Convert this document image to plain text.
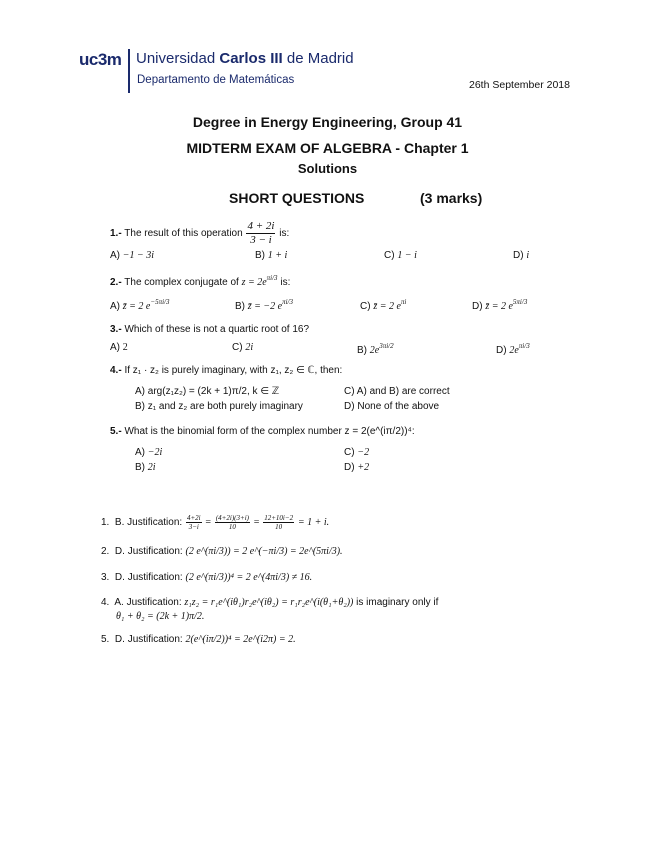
uc3m Universidad Carlos III de Madrid
Departamento de Matemáticas	26th September 2018
Degree in Energy Engineering, Group 41
MIDTERM EXAM OF ALGEBRA - Chapter 1
Solutions
SHORT QUESTIONS	(3 marks)
1.- The result of this operation $\frac{4 + 2i}{3 - i}$ is:
A) −1 − 3i	B) 1 + i	C) 1 − i	D) i
2.- The complex conjugate of $z = 2e^{\pi i/3}$ is:
A) z̄ = 2 $e^{-5\pi i/3}$	B) z̄ = −2 $e^{\pi i/3}$	C) z̄ = 2 $e^{\pi i}$	D) z̄ = 2 $e^{5\pi i/3}$
3.- Which of these is not a quartic root of 16?
A) 2	C) 2i	B) $2e^{3\pi i/2}$	D) $2e^{\pi i/3}$
4.- If z₁ · z₂ is purely imaginary, with z₁, z₂ ∈ ℂ, then:
A) arg(z₁z₂) = (2k + 1)π/2, k ∈ ℤ	C) A) and B) are correct
B) z₁ and z₂ are both purely imaginary	D) None of the above
5.- What is the binomial form of the complex number z = 2(e^(iπ/2))⁴:
A) −2i	C) −2
B) 2i	D) +2
1. B. Justification: $\frac{4+2i}{3-i} = \frac{(4+2i)(3+i)}{10} = \frac{12+10i-2}{10} = 1 + i$.
2. D. Justification: (2 e^(πi/3)) = 2 e^(−πi/3) = 2e^(5πi/3).
3. D. Justification: (2 e^(πi/3))⁴ = 2 e^(4πi/3) ≠ 16.
4. A. Justification: z₁z₂ = r₁e^(iθ₁)r₂e^(iθ₂) = r₁r₂e^(i(θ₁+θ₂)) is imaginary only if
θ₁ + θ₂ = (2k + 1)π/2.
5. D. Justification: 2(e^(iπ/2))⁴ = 2e^(i2π) = 2.
